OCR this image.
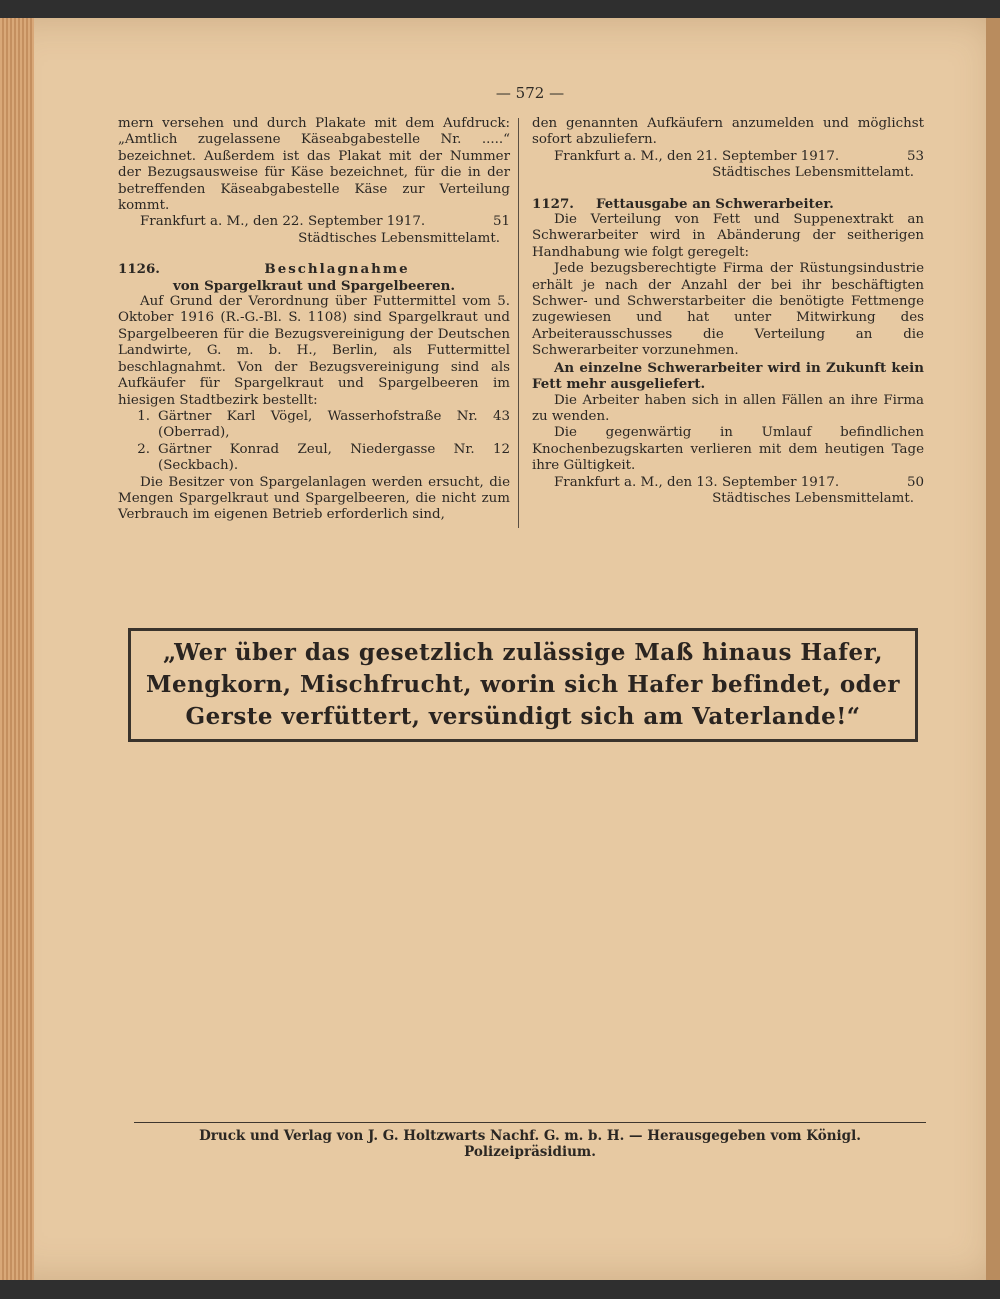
— 572 —

mern versehen und durch Plakate mit dem Aufdruck: „Amtlich zugelassene Käseabgabestelle Nr. .....“ bezeichnet. Außerdem ist das Plakat mit der Nummer der Bezugsausweise für Käse bezeichnet, für die in der betreffenden Käseabgabestelle Käse zur Verteilung kommt.

Frankfurt a. M., den 22. September 1917.	51
Städtisches Lebensmittelamt.
1126.	Beschlagnahme
von Spargelkraut und Spargelbeeren.

Auf Grund der Verordnung über Futtermittel vom 5. Oktober 1916 (R.-G.-Bl. S. 1108) sind Spargelkraut und Spargelbeeren für die Bezugsvereinigung der Deutschen Landwirte, G. m. b. H., Berlin, als Futtermittel beschlagnahmt. Von der Bezugsvereinigung sind als Aufkäufer für Spargelkraut und Spargelbeeren im hiesigen Stadtbezirk bestellt:

1. Gärtner Karl Vögel, Wasserhofstraße Nr. 43 (Oberrad),
2. Gärtner Konrad Zeul, Niedergasse Nr. 12 (Seckbach).

Die Besitzer von Spargelanlagen werden ersucht, die Mengen Spargelkraut und Spargelbeeren, die nicht zum Verbrauch im eigenen Betrieb erforderlich sind,

den genannten Aufkäufern anzumelden und möglichst sofort abzuliefern.

Frankfurt a. M., den 21. September 1917.	53
Städtisches Lebensmittelamt.
1127.	Fettausgabe an Schwerarbeiter.

Die Verteilung von Fett und Suppenextrakt an Schwerarbeiter wird in Abänderung der seitherigen Handhabung wie folgt geregelt:

Jede bezugsberechtigte Firma der Rüstungsindustrie erhält je nach der Anzahl der bei ihr beschäftigten Schwer- und Schwerstarbeiter die benötigte Fettmenge zugewiesen und hat unter Mitwirkung des Arbeiterausschusses die Verteilung an die Schwerarbeiter vorzunehmen.

An einzelne Schwerarbeiter wird in Zukunft kein Fett mehr ausgeliefert.

Die Arbeiter haben sich in allen Fällen an ihre Firma zu wenden.

Die gegenwärtig in Umlauf befindlichen Knochenbezugskarten verlieren mit dem heutigen Tage ihre Gültigkeit.

Frankfurt a. M., den 13. September 1917.	50
Städtisches Lebensmittelamt.
„Wer über das gesetzlich zulässige Maß hinaus Hafer,
Mengkorn, Mischfrucht, worin sich Hafer befindet, oder
Gerste verfüttert, versündigt sich am Vaterlande!“
Druck und Verlag von J. G. Holtzwarts Nachf. G. m. b. H. — Herausgegeben vom Königl. Polizeipräsidium.
